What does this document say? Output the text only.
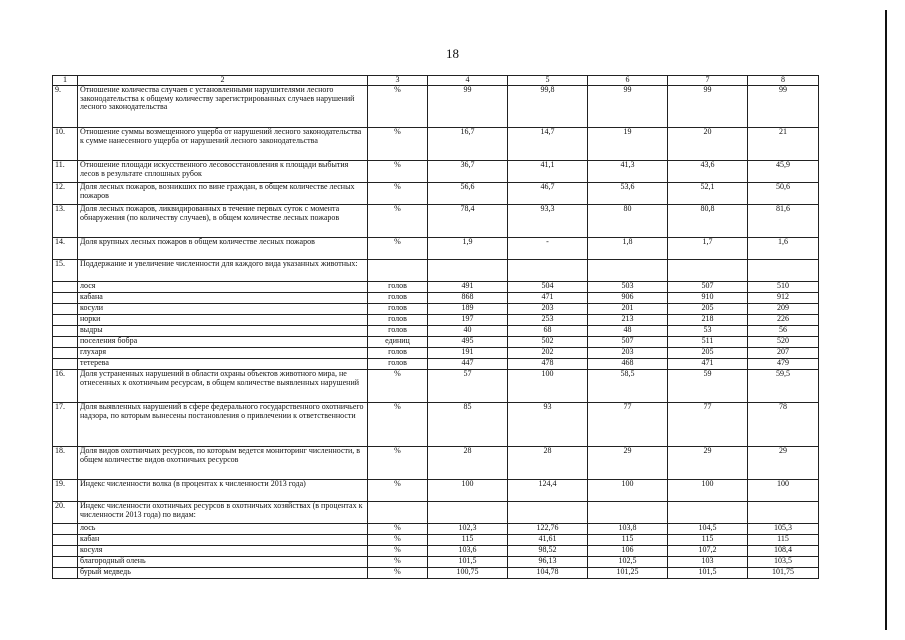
18
1	2	3	4	5	6	7	8
9.	Отношение количества случаев с установленными нарушителями лесного законодательства к общему количеству зарегистрированных случаев нарушений лесного законодательства	%	99	99,8	99	99	99
10.	Отношение суммы возмещенного ущерба от нарушений лесного законодательства к сумме нанесенного ущерба от нарушений лесного законодательства	%	16,7	14,7	19	20	21
11.	Отношение площади искусственного лесовосстановления к площади выбытия лесов в результате сплошных рубок	%	36,7	41,1	41,3	43,6	45,9
12.	Доля лесных пожаров, возникших по вине граждан, в общем количестве лесных пожаров	%	56,6	46,7	53,6	52,1	50,6
13.	Доля лесных пожаров, ликвидированных в течение первых суток с момента обнаружения (по количеству случаев), в общем количестве лесных пожаров	%	78,4	93,3	80	80,8	81,6
14.	Доля крупных лесных пожаров в общем количестве лесных пожаров	%	1,9	-	1,8	1,7	1,6
15.	Поддержание и увеличение численности для каждого вида указанных животных:						
	лося	голов	491	504	503	507	510
	кабана	голов	868	471	906	910	912
	косули	голов	189	203	201	205	209
	норки	голов	197	253	213	218	226
	выдры	голов	40	68	48	53	56
	поселения бобра	единиц	495	502	507	511	520
	глухаря	голов	191	202	203	205	207
	тетерева	голов	447	478	468	471	479
16.	Доля устраненных нарушений в области охраны объектов животного мира, не отнесенных к охотничьим ресурсам, в общем количестве выявленных нарушений	%	57	100	58,5	59	59,5
17.	Доля выявленных нарушений в сфере федерального государственного охотничьего надзора, по которым вынесены постановления о привлечении к ответственности	%	85	93	77	77	78
18.	Доля видов охотничьих ресурсов, по которым ведется мониторинг численности, в общем количестве видов охотничьих ресурсов	%	28	28	29	29	29
19.	Индекс численности волка (в процентах к численности 2013 года)	%	100	124,4	100	100	100
20.	Индекс численности охотничьих ресурсов в охотничьих хозяйствах (в процентах к численности 2013 года) по видам:						
	лось	%	102,3	122,76	103,8	104,5	105,3
	кабан	%	115	41,61	115	115	115
	косуля	%	103,6	98,52	106	107,2	108,4
	благородный олень	%	101,5	96,13	102,5	103	103,5
	бурый медведь	%	100,75	104,78	101,25	101,5	101,75
